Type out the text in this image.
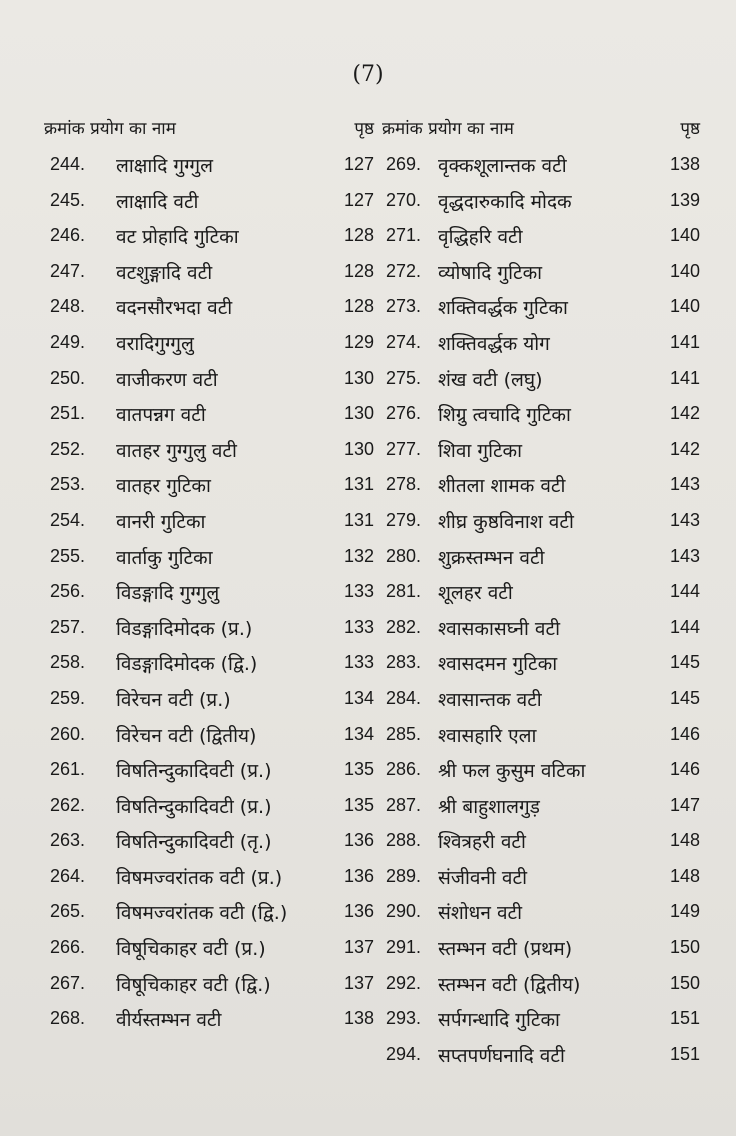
(7)
क्रमांक प्रयोग का नाम	पृष्ठ
244. लाक्षादि गुग्गुल	127
245. लाक्षादि वटी	127
246. वट प्रोहादि गुटिका	128
247. वटशुङ्गादि वटी	128
248. वदनसौरभदा वटी	128
249. वरादिगुग्गुलु	129
250. वाजीकरण वटी	130
251. वातपन्नग वटी	130
252. वातहर गुग्गुलु वटी	130
253. वातहर गुटिका	131
254. वानरी गुटिका	131
255. वार्ताकु गुटिका	132
256. विडङ्गादि गुग्गुलु	133
257. विडङ्गादिमोदक (प्र.)	133
258. विडङ्गादिमोदक (द्वि.)	133
259. विरेचन वटी (प्र.)	134
260. विरेचन वटी (द्वितीय)	134
261. विषतिन्दुकादिवटी (प्र.)	135
262. विषतिन्दुकादिवटी (प्र.)	135
263. विषतिन्दुकादिवटी (तृ.)	136
264. विषमज्वरांतक वटी (प्र.)	136
265. विषमज्वरांतक वटी (द्वि.)	136
266. विषूचिकाहर वटी (प्र.)	137
267. विषूचिकाहर वटी (द्वि.)	137
268. वीर्यस्तम्भन वटी	138
क्रमांक प्रयोग का नाम	पृष्ठ
269. वृक्कशूलान्तक वटी	138
270. वृद्धदारुकादि मोदक	139
271. वृद्धिहरि वटी	140
272. व्योषादि गुटिका	140
273. शक्तिवर्द्धक गुटिका	140
274. शक्तिवर्द्धक योग	141
275. शंख वटी (लघु)	141
276. शिग्रु त्वचादि गुटिका	142
277. शिवा गुटिका	142
278. शीतला शामक वटी	143
279. शीघ्र कुष्ठविनाश वटी	143
280. शुक्रस्तम्भन वटी	143
281. शूलहर वटी	144
282. श्वासकासघ्नी वटी	144
283. श्वासदमन गुटिका	145
284. श्वासान्तक वटी	145
285. श्वासहारि एला	146
286. श्री फल कुसुम वटिका	146
287. श्री बाहुशालगुड़	147
288. श्वित्रहरी वटी	148
289. संजीवनी वटी	148
290. संशोधन वटी	149
291. स्तम्भन वटी (प्रथम)	150
292. स्तम्भन वटी (द्वितीय)	150
293. सर्पगन्धादि गुटिका	151
294. सप्तपर्णघनादि वटी	151
